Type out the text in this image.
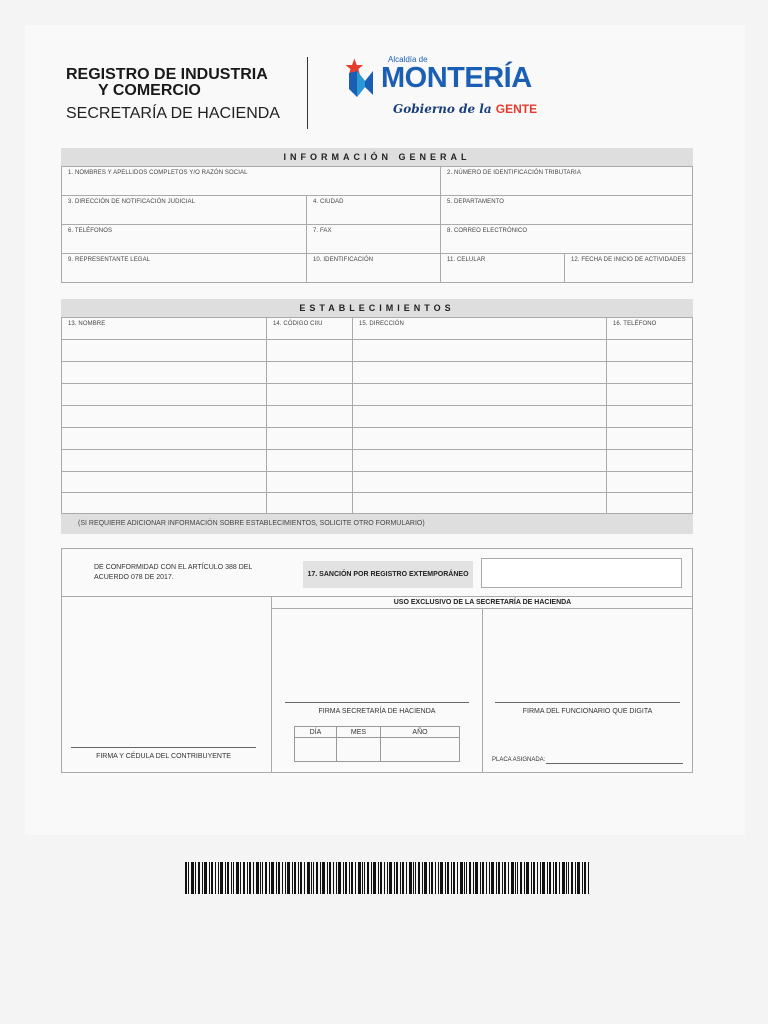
REGISTRO DE INDUSTRIA
Y COMERCIO
SECRETARÍA DE HACIENDA
Alcaldía de
MONTERÍA
Gobierno de la GENTE
INFORMACIÓN GENERAL
1. NOMBRES Y APELLIDOS COMPLETOS Y/O RAZÓN SOCIAL	2. NÚMERO DE IDENTIFICACIÓN TRIBUTARIA
3. DIRECCIÓN DE NOTIFICACIÓN JUDICIAL	4. CIUDAD	5. DEPARTAMENTO
6. TELÉFONOS	7. FAX	8. CORREO ELECTRÓNICO
9. REPRESENTANTE LEGAL	10. IDENTIFICACIÓN	11. CELULAR	12. FECHA DE INICIO DE ACTIVIDADES
ESTABLECIMIENTOS
13. NOMBRE	14. CÓDIGO CIIU	15. DIRECCIÓN	16. TELÉFONO
(SI REQUIERE ADICIONAR INFORMACIÓN SOBRE ESTABLECIMIENTOS, SOLICITE OTRO FORMULARIO)
DE CONFORMIDAD CON EL ARTÍCULO 388 DEL ACUERDO 078 DE 2017.	17. SANCIÓN POR REGISTRO EXTEMPORÁNEO
USO EXCLUSIVO DE LA SECRETARÍA DE HACIENDA
FIRMA SECRETARÍA DE HACIENDA	FIRMA DEL FUNCIONARIO QUE DIGITA
FIRMA Y CÉDULA DEL CONTRIBUYENTE
DÍA	MES	AÑO
PLACA ASIGNADA:
